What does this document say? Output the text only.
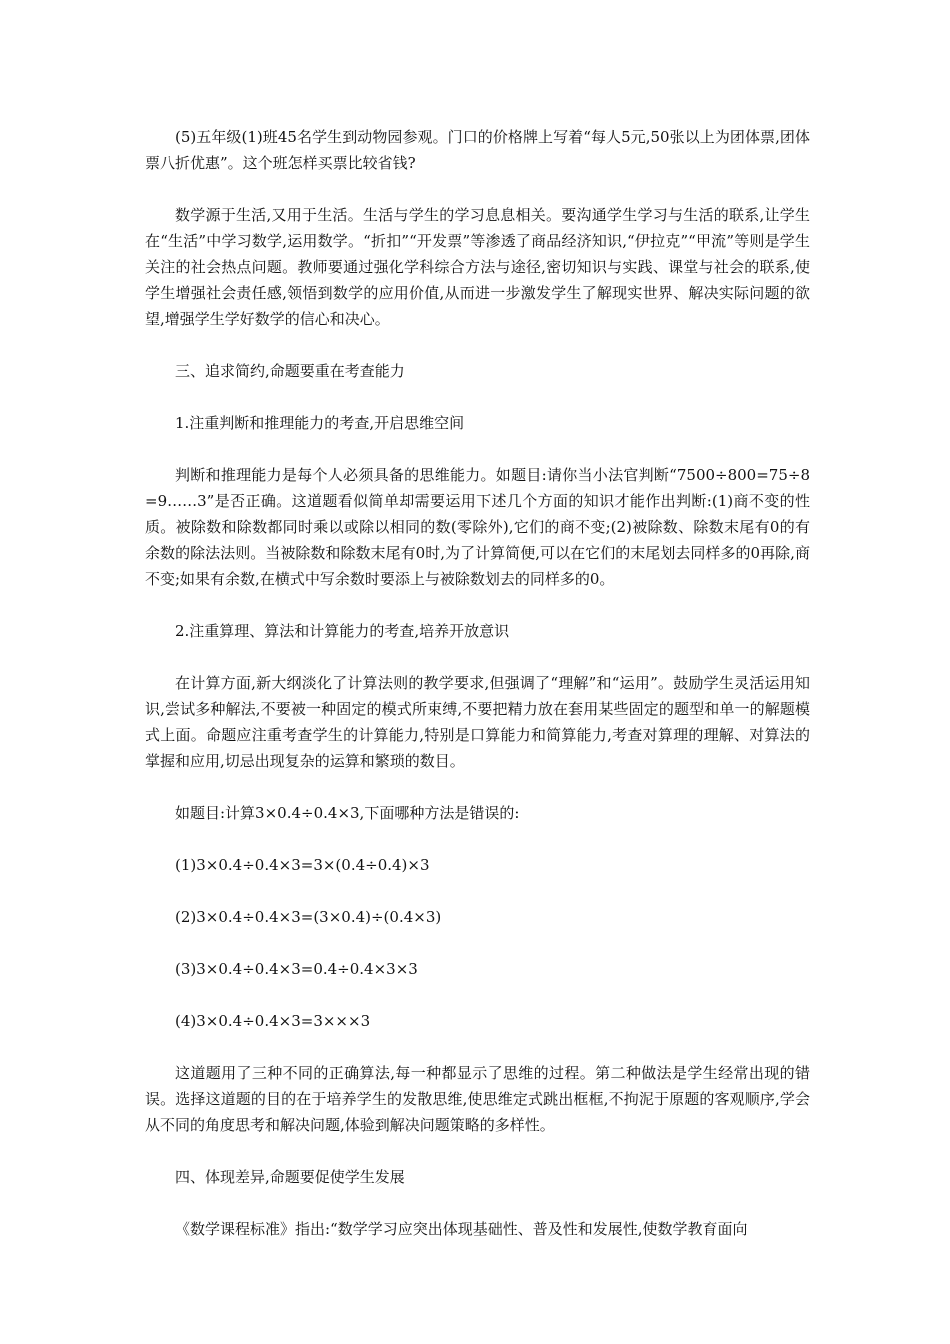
(5)五年级(1)班45名学生到动物园参观。门口的价格牌上写着“每人5元,50张以上为团体票,团体票八折优惠”。这个班怎样买票比较省钱?

数学源于生活,又用于生活。生活与学生的学习息息相关。要沟通学生学习与生活的联系,让学生在“生活”中学习数学,运用数学。“折扣”“开发票”等渗透了商品经济知识,“伊拉克”“甲流”等则是学生关注的社会热点问题。教师要通过强化学科综合方法与途径,密切知识与实践、课堂与社会的联系,使学生增强社会责任感,领悟到数学的应用价值,从而进一步激发学生了解现实世界、解决实际问题的欲望,增强学生学好数学的信心和决心。

三、追求简约,命题要重在考查能力

1.注重判断和推理能力的考查,开启思维空间

判断和推理能力是每个人必须具备的思维能力。如题目:请你当小法官判断“7500÷800=75÷8=9……3”是否正确。这道题看似简单却需要运用下述几个方面的知识才能作出判断:(1)商不变的性质。被除数和除数都同时乘以或除以相同的数(零除外),它们的商不变;(2)被除数、除数末尾有0的有余数的除法法则。当被除数和除数末尾有0时,为了计算简便,可以在它们的末尾划去同样多的0再除,商不变;如果有余数,在横式中写余数时要添上与被除数划去的同样多的0。

2.注重算理、算法和计算能力的考查,培养开放意识

在计算方面,新大纲淡化了计算法则的教学要求,但强调了“理解”和“运用”。鼓励学生灵活运用知识,尝试多种解法,不要被一种固定的模式所束缚,不要把精力放在套用某些固定的题型和单一的解题模式上面。命题应注重考查学生的计算能力,特别是口算能力和简算能力,考查对算理的理解、对算法的掌握和应用,切忌出现复杂的运算和繁琐的数目。

如题目:计算3×0.4÷0.4×3,下面哪种方法是错误的:

(1)3×0.4÷0.4×3=3×(0.4÷0.4)×3

(2)3×0.4÷0.4×3=(3×0.4)÷(0.4×3)

(3)3×0.4÷0.4×3=0.4÷0.4×3×3

(4)3×0.4÷0.4×3=3×××3

这道题用了三种不同的正确算法,每一种都显示了思维的过程。第二种做法是学生经常出现的错误。选择这道题的目的在于培养学生的发散思维,使思维定式跳出框框,不拘泥于原题的客观顺序,学会从不同的角度思考和解决问题,体验到解决问题策略的多样性。

四、体现差异,命题要促使学生发展

《数学课程标准》指出:“数学学习应突出体现基础性、普及性和发展性,使数学教育面向
